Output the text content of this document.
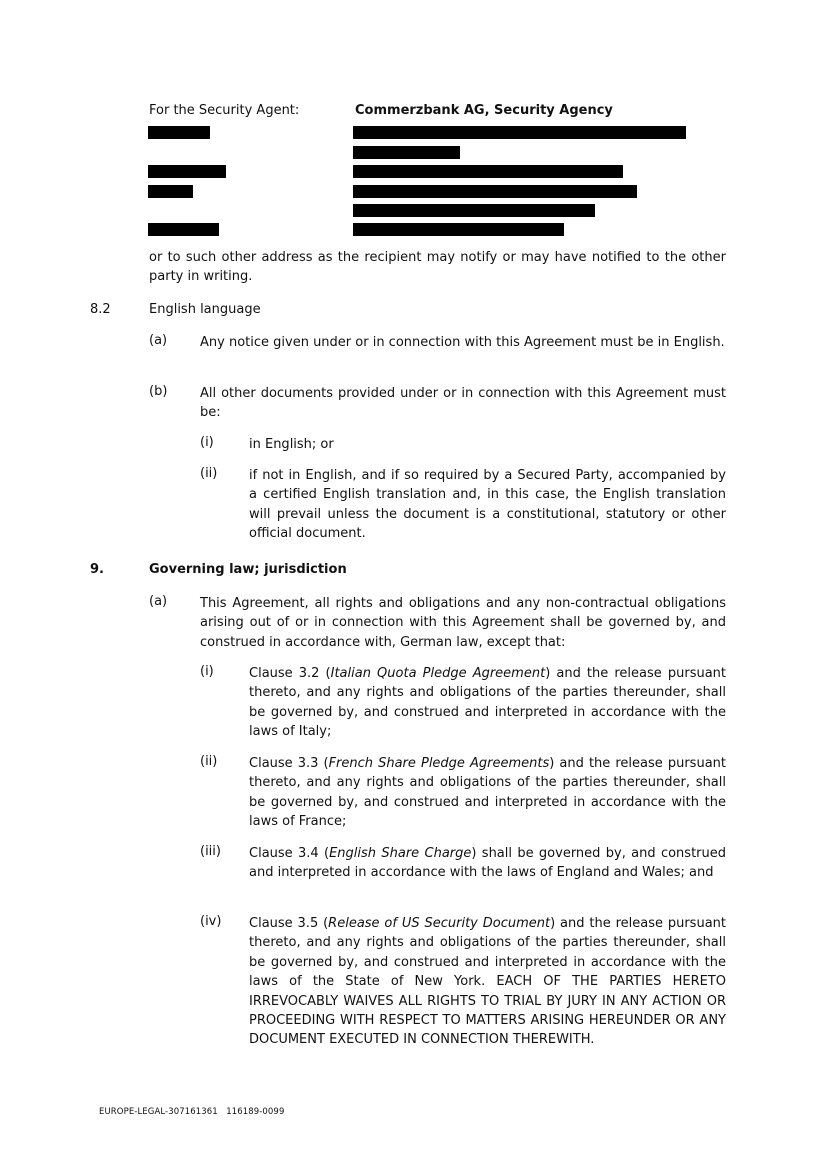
For the Security Agent:	Commerzbank AG, Security Agency
or to such other address as the recipient may notify or may have notified to the other party in writing.
8.2	English language
(a)	Any notice given under or in connection with this Agreement must be in English.
(b)	All other documents provided under or in connection with this Agreement must be:
(i)	in English; or
(ii) if not in English, and if so required by a Secured Party, accompanied by a certified English translation and, in this case, the English translation will prevail unless the document is a constitutional, statutory or other official document.
9.	Governing law; jurisdiction
(a)	This Agreement, all rights and obligations and any non-contractual obligations arising out of or in connection with this Agreement shall be governed by, and construed in accordance with, German law, except that:
(i)	Clause 3.2 (Italian Quota Pledge Agreement) and the release pursuant thereto, and any rights and obligations of the parties thereunder, shall be governed by, and construed and interpreted in accordance with the laws of Italy;
(ii) Clause 3.3 (French Share Pledge Agreements) and the release pursuant thereto, and any rights and obligations of the parties thereunder, shall be governed by, and construed and interpreted in accordance with the laws of France;
(iii) Clause 3.4 (English Share Charge) shall be governed by, and construed and interpreted in accordance with the laws of England and Wales; and
(iv) Clause 3.5 (Release of US Security Document) and the release pursuant thereto, and any rights and obligations of the parties thereunder, shall be governed by, and construed and interpreted in accordance with the laws of the State of New York. EACH OF THE PARTIES HERETO IRREVOCABLY WAIVES ALL RIGHTS TO TRIAL BY JURY IN ANY ACTION OR PROCEEDING WITH RESPECT TO MATTERS ARISING HEREUNDER OR ANY DOCUMENT EXECUTED IN CONNECTION THEREWITH.
EUROPE-LEGAL-307161361 116189-0099
